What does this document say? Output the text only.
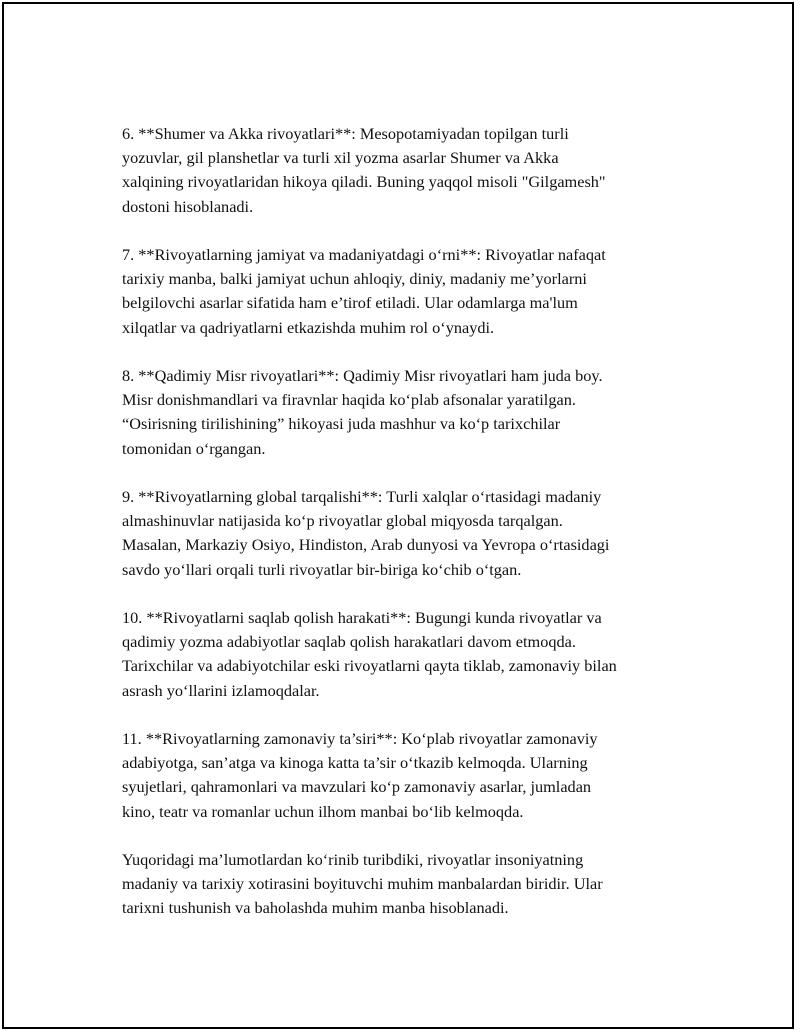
6. **Shumer va Akka rivoyatlari**: Mesopotamiyadan topilgan turli
yozuvlar, gil planshetlar va turli xil yozma asarlar Shumer va Akka
xalqining rivoyatlaridan hikoya qiladi. Buning yaqqol misoli "Gilgamesh"
dostoni hisoblanadi.

7. **Rivoyatlarning jamiyat va madaniyatdagi o‘rni**: Rivoyatlar nafaqat
tarixiy manba, balki jamiyat uchun ahloqiy, diniy, madaniy me’yorlarni
belgilovchi asarlar sifatida ham e’tirof etiladi. Ular odamlarga ma'lum
xilqatlar va qadriyatlarni etkazishda muhim rol o‘ynaydi.

8. **Qadimiy Misr rivoyatlari**: Qadimiy Misr rivoyatlari ham juda boy.
Misr donishmandlari va firavnlar haqida ko‘plab afsonalar yaratilgan.
“Osirisning tirilishining” hikoyasi juda mashhur va ko‘p tarixchilar
tomonidan o‘rgangan.

9. **Rivoyatlarning global tarqalishi**: Turli xalqlar o‘rtasidagi madaniy
almashinuvlar natijasida ko‘p rivoyatlar global miqyosda tarqalgan.
Masalan, Markaziy Osiyo, Hindiston, Arab dunyosi va Yevropa o‘rtasidagi
savdo yo‘llari orqali turli rivoyatlar bir-biriga ko‘chib o‘tgan.

10. **Rivoyatlarni saqlab qolish harakati**: Bugungi kunda rivoyatlar va
qadimiy yozma adabiyotlar saqlab qolish harakatlari davom etmoqda.
Tarixchilar va adabiyotchilar eski rivoyatlarni qayta tiklab, zamonaviy bilan
asrash yo‘llarini izlamoqdalar.

11. **Rivoyatlarning zamonaviy ta’siri**: Ko‘plab rivoyatlar zamonaviy
adabiyotga, san’atga va kinoga katta ta’sir o‘tkazib kelmoqda. Ularning
syujetlari, qahramonlari va mavzulari ko‘p zamonaviy asarlar, jumladan
kino, teatr va romanlar uchun ilhom manbai bo‘lib kelmoqda.

Yuqoridagi ma’lumotlardan ko‘rinib turibdiki, rivoyatlar insoniyatning
madaniy va tarixiy xotirasini boyituvchi muhim manbalardan biridir. Ular
tarixni tushunish va baholashda muhim manba hisoblanadi.
